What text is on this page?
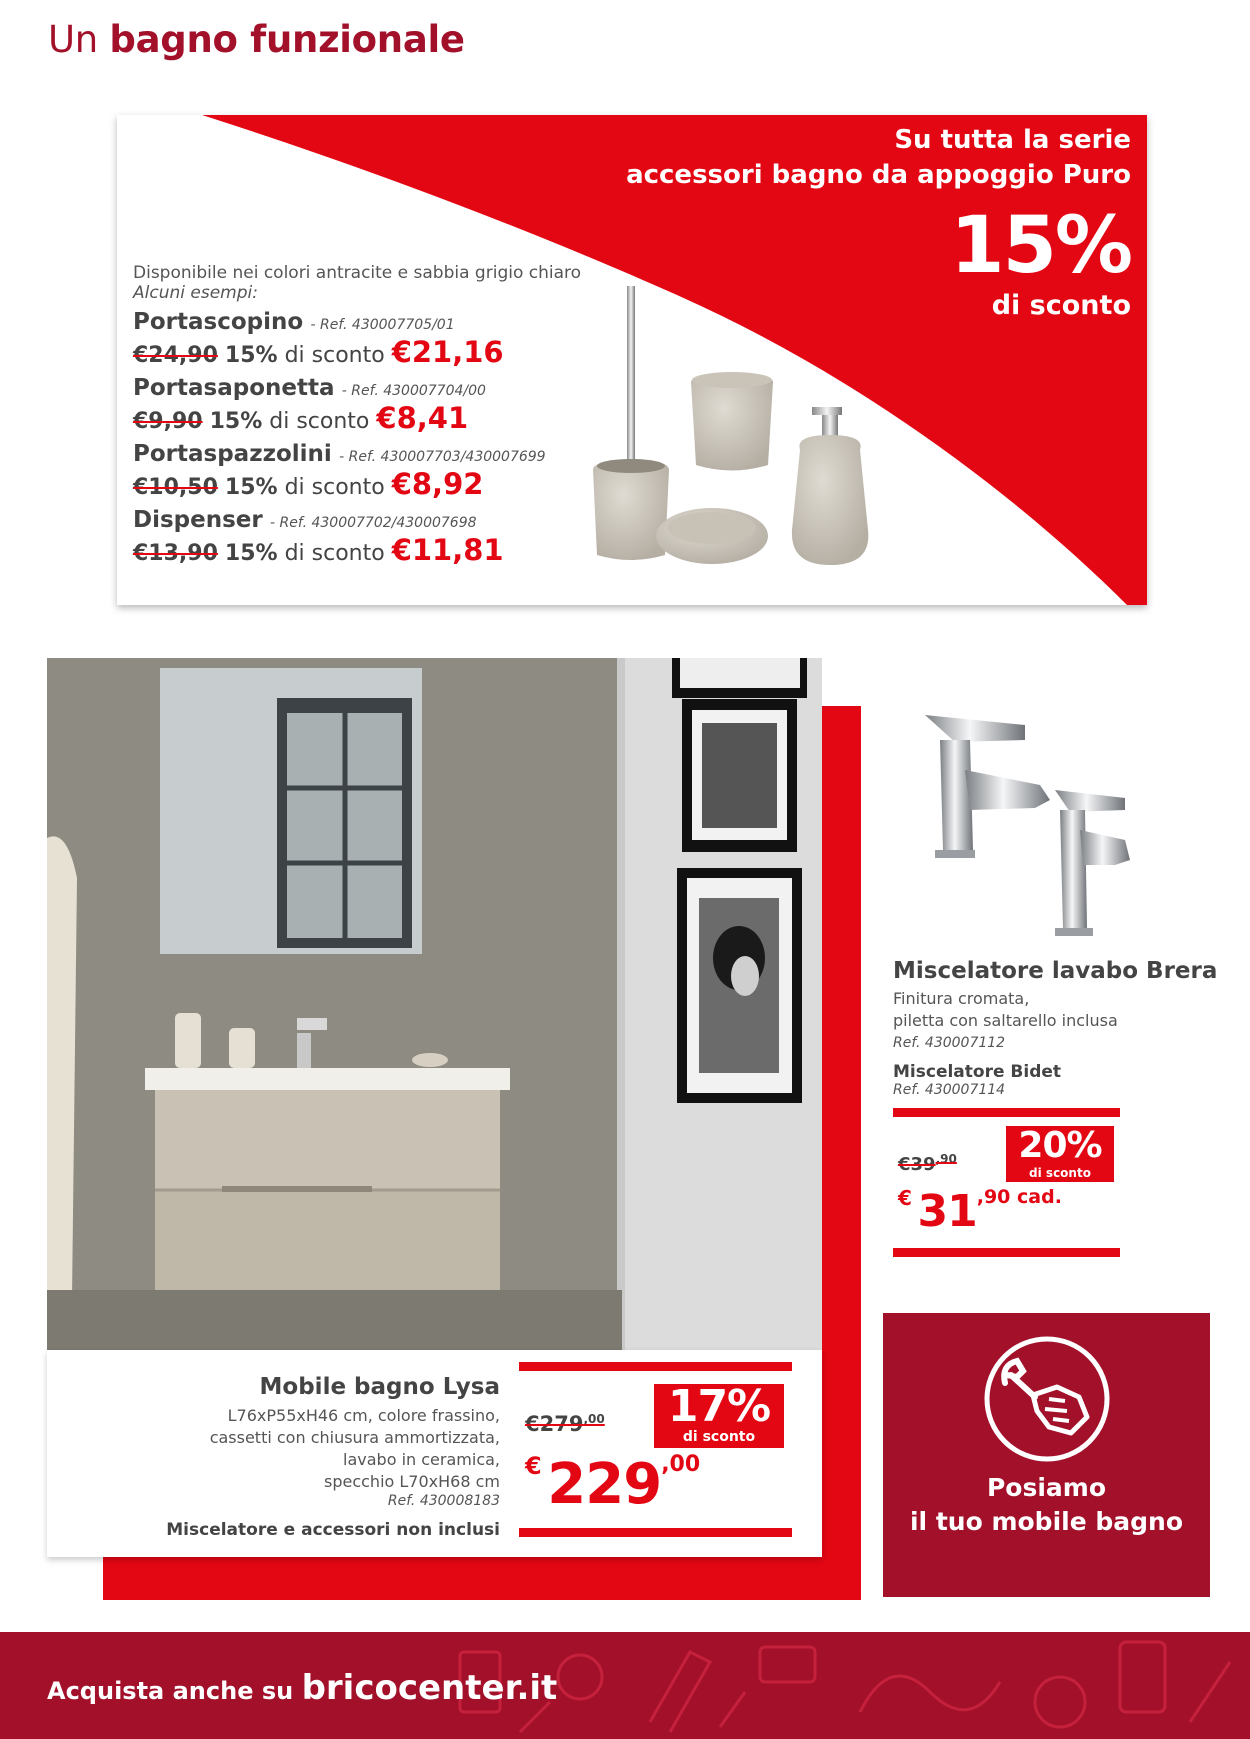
Un bagno funzionale
Su tutta la serie
accessori bagno da appoggio Puro
15%
di sconto
Disponibile nei colori antracite e sabbia grigio chiaro
Alcuni esempi:
Portascopino - Ref. 430007705/01
€24,90 15% di sconto €21,16
Portasaponetta - Ref. 430007704/00
€9,90 15% di sconto €8,41
Portaspazzolini - Ref. 430007703/430007699
€10,50 15% di sconto €8,92
Dispenser - Ref. 430007702/430007698
€13,90 15% di sconto €11,81
Mobile bagno Lysa
L76xP55xH46 cm, colore frassino,
cassetti con chiusura ammortizzata,
lavabo in ceramica,
specchio L70xH68 cm
Ref. 430008183
Miscelatore e accessori non inclusi
$€279^{,00}$	17%
di sconto
€ 229,00
Miscelatore lavabo Brera
Finitura cromata,
piletta con saltarello inclusa
Ref. 430007112
Miscelatore Bidet
Ref. 430007114
$€39^{,90}$	20%
di sconto
€ 31,90 cad.
Posiamo
il tuo mobile bagno
Acquista anche su bricocenter.it
